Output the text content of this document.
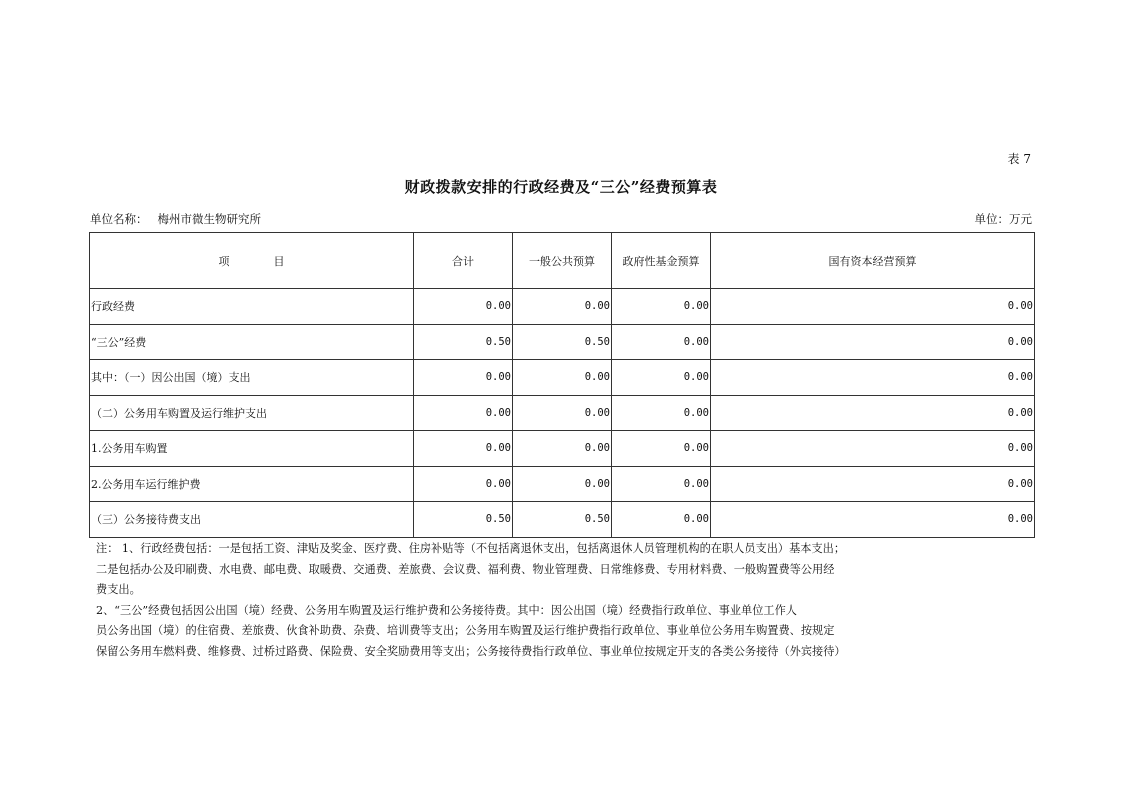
表 7
财政拨款安排的行政经费及“三公”经费预算表
单位名称： 梅州市微生物研究所	单位：万元
项　　　　目	合计	一般公共预算	政府性基金预算	国有资本经营预算
行政经费	0.00	0.00	0.00	0.00
“三公”经费	0.50	0.50	0.00	0.00
其中：（一）因公出国（境）支出	0.00	0.00	0.00	0.00
（二）公务用车购置及运行维护支出	0.00	0.00	0.00	0.00
1.公务用车购置	0.00	0.00	0.00	0.00
2.公务用车运行维护费	0.00	0.00	0.00	0.00
（三）公务接待费支出	0.50	0.50	0.00	0.00
注： 1、行政经费包括：一是包括工资、津贴及奖金、医疗费、住房补贴等（不包括离退休支出，包括离退休人员管理机构的在职人员支出）基本支出；
二是包括办公及印刷费、水电费、邮电费、取暖费、交通费、差旅费、会议费、福利费、物业管理费、日常维修费、专用材料费、一般购置费等公用经
费支出。
2、“三公”经费包括因公出国（境）经费、公务用车购置及运行维护费和公务接待费。其中：因公出国（境）经费指行政单位、事业单位工作人
员公务出国（境）的住宿费、差旅费、伙食补助费、杂费、培训费等支出；公务用车购置及运行维护费指行政单位、事业单位公务用车购置费、按规定
保留公务用车燃料费、维修费、过桥过路费、保险费、安全奖励费用等支出；公务接待费指行政单位、事业单位按规定开支的各类公务接待（外宾接待）
